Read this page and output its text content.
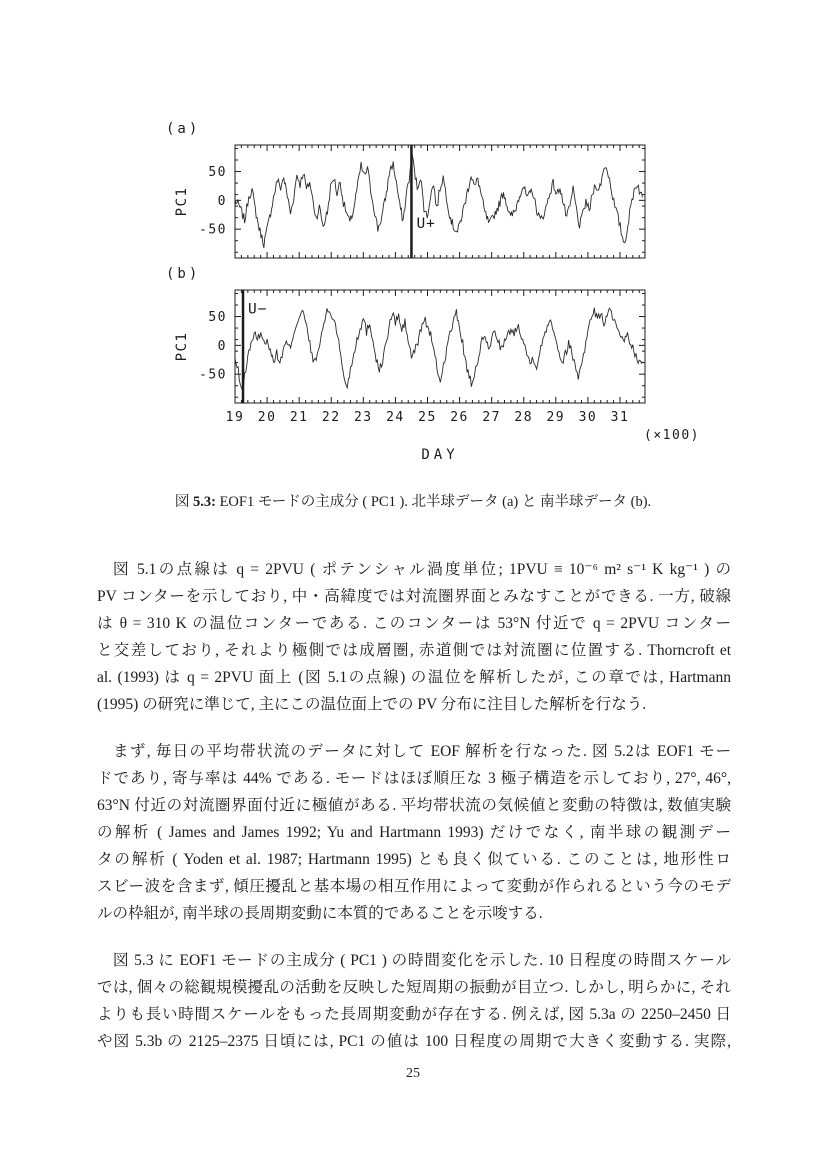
(a)
-50
0
50
PC1
U+
(b)
-50
0
50
PC1
19 20 21 22 23 24 25 26 27 28 29 30 31
(×100)
DAY
U−
図 5.3: EOF1 モードの主成分 ( PC1 ). 北半球データ (a) と 南半球データ (b).
図 5.1の点線は q = 2PVU ( ポテンシャル渦度単位; 1PVU ≡ 10⁻⁶ m² s⁻¹ K kg⁻¹ ) の
PV コンターを示しており, 中・高緯度では対流圏界面とみなすことができる. 一方, 破線
は θ = 310 K の温位コンターである. このコンターは 53°N 付近で q = 2PVU コンター
と交差しており, それより極側では成層圏, 赤道側では対流圏に位置する. Thorncroft et
al. (1993) は q = 2PVU 面上 (図 5.1の点線) の温位を解析したが, この章では, Hartmann
(1995) の研究に準じて, 主にこの温位面上での PV 分布に注目した解析を行なう.
まず, 毎日の平均帯状流のデータに対して EOF 解析を行なった. 図 5.2は EOF1 モー
ドであり, 寄与率は 44% である. モードはほぼ順圧な 3 極子構造を示しており, 27°, 46°,
63°N 付近の対流圏界面付近に極値がある. 平均帯状流の気候値と変動の特徴は, 数値実験
の解析 ( James and James 1992; Yu and Hartmann 1993) だけでなく, 南半球の観測デー
タの解析 ( Yoden et al. 1987; Hartmann 1995) とも良く似ている. このことは, 地形性ロ
スビー波を含まず, 傾圧擾乱と基本場の相互作用によって変動が作られるという今のモデ
ルの枠組が, 南半球の長周期変動に本質的であることを示唆する.
図 5.3 に EOF1 モードの主成分 ( PC1 ) の時間変化を示した. 10 日程度の時間スケール
では, 個々の総観規模擾乱の活動を反映した短周期の振動が目立つ. しかし, 明らかに, それ
よりも長い時間スケールをもった長周期変動が存在する. 例えば, 図 5.3a の 2250–2450 日
や図 5.3b の 2125–2375 日頃には, PC1 の値は 100 日程度の周期で大きく変動する. 実際,
25
